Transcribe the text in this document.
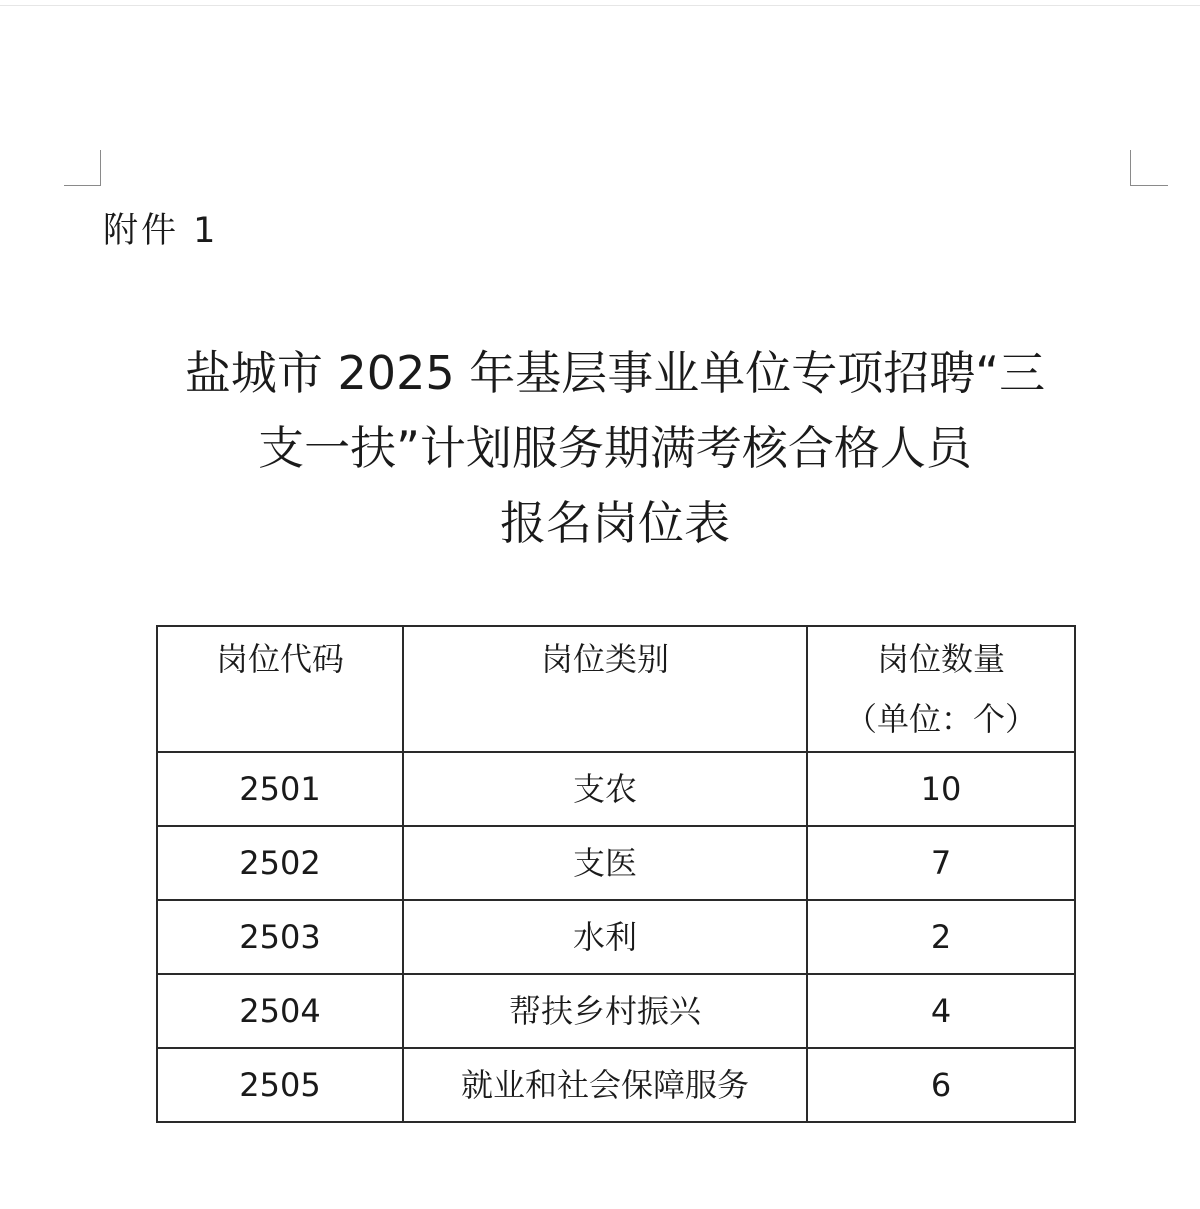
附件 1
盐城市 2025 年基层事业单位专项招聘“三
支一扶”计划服务期满考核合格人员
报名岗位表
岗位代码	岗位类别	岗位数量
（单位：个）

2501	支农	10
2502	支医	7
2503	水利	2
2504	帮扶乡村振兴	4
2505	就业和社会保障服务	6
